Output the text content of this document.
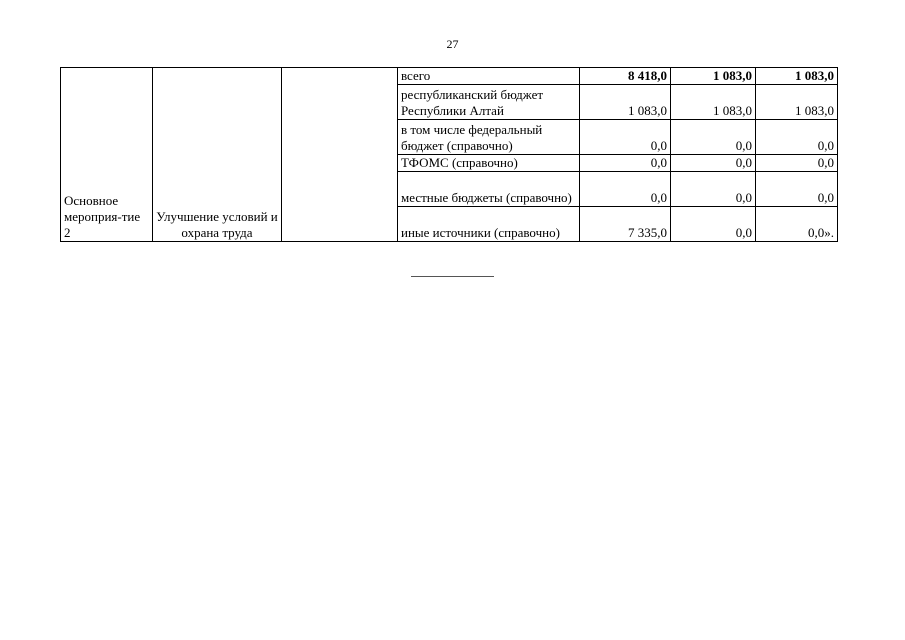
27
Основное мероприя-тие 2	Улучшение условий и охрана труда		всего	8 418,0	1 083,0	1 083,0
			республиканский бюджет Республики Алтай	1 083,0	1 083,0	1 083,0
			в том числе федеральный бюджет (справочно)	0,0	0,0	0,0
			ТФОМС (справочно)	0,0	0,0	0,0
			местные бюджеты (справочно)	0,0	0,0	0,0
			иные источники (справочно)	7 335,0	0,0	0,0».
